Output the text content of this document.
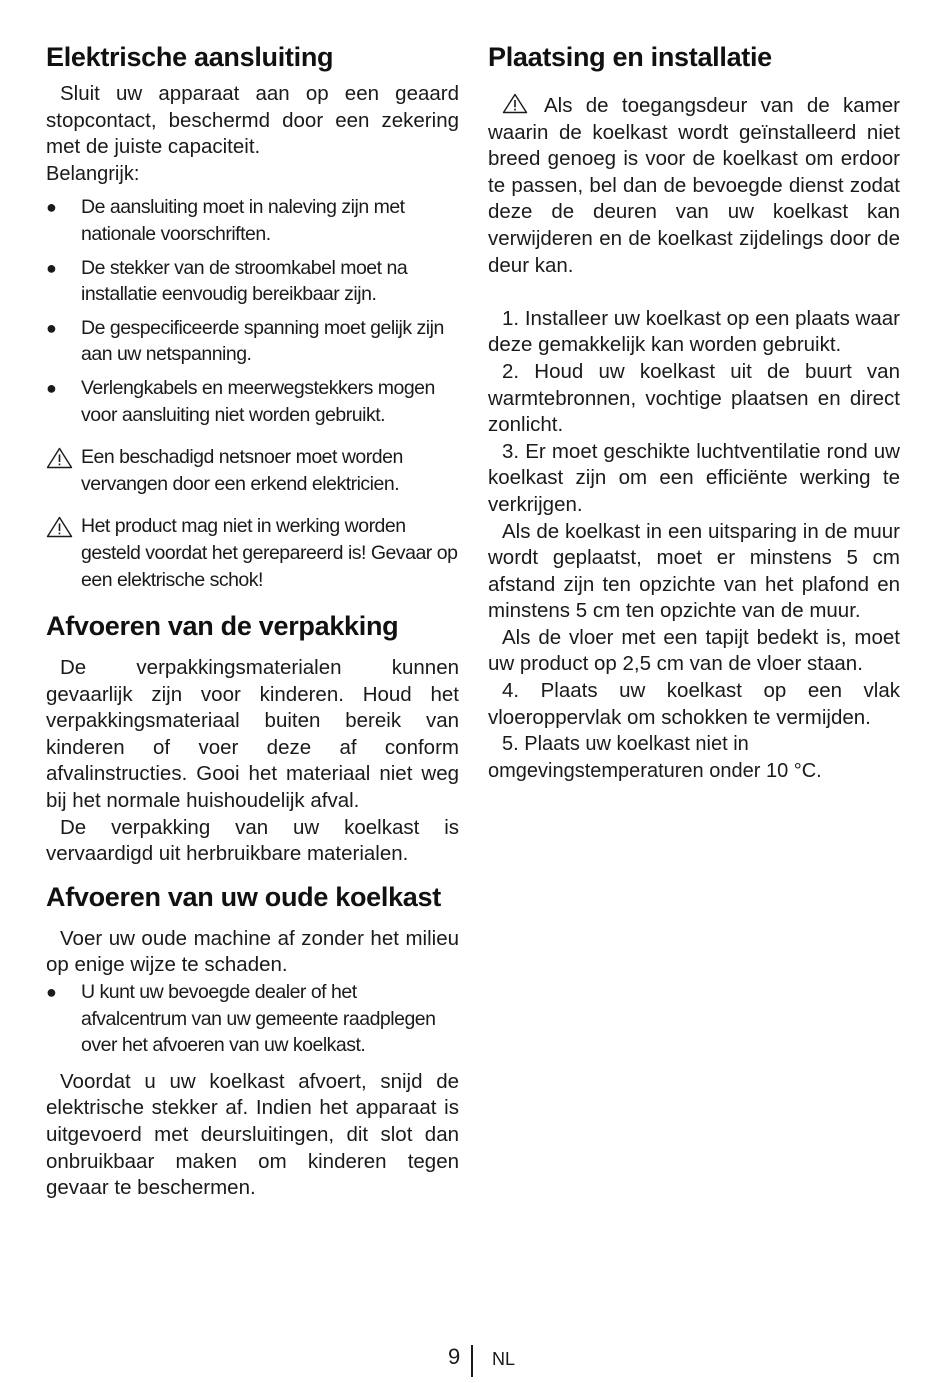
Elektrische aansluiting

Sluit uw apparaat aan op een geaard stopcontact, beschermd door een zekering met de juiste capaciteit.

Belangrijk:

● De aansluiting moet in naleving zijn met nationale voorschriften.
● De stekker van de stroomkabel moet na installatie eenvoudig bereikbaar zijn.
● De gespecificeerde spanning moet gelijk zijn aan uw netspanning.
● Verlengkabels en meerwegstekkers mogen voor aansluiting niet worden gebruikt.
Een beschadigd netsnoer moet worden vervangen door een erkend elektricien.
Het product mag niet in werking worden gesteld voordat het gerepareerd is! Gevaar op een elektrische schok!
Afvoeren van de verpakking

De verpakkingsmaterialen kunnen gevaarlijk zijn voor kinderen. Houd het verpakkingsmateriaal buiten bereik van kinderen of voer deze af conform afvalinstructies. Gooi het materiaal niet weg bij het normale huishoudelijk afval.

De verpakking van uw koelkast is vervaardigd uit herbruikbare materialen.

Afvoeren van uw oude koelkast

Voer uw oude machine af zonder het milieu op enige wijze te schaden.

● U kunt uw bevoegde dealer of het afvalcentrum van uw gemeente raadplegen over het afvoeren van uw koelkast.

Voordat u uw koelkast afvoert, snijd de elektrische stekker af. Indien het apparaat is uitgevoerd met deursluitingen, dit slot dan onbruikbaar maken om kinderen tegen gevaar te beschermen.

Plaatsing en installatie

Als de toegangsdeur van de kamer waarin de koelkast wordt geïnstalleerd niet breed genoeg is voor de koelkast om erdoor te passen, bel dan de bevoegde dienst zodat deze de deuren van uw koelkast kan verwijderen en de koelkast zijdelings door de deur kan.

1. Installeer uw koelkast op een plaats waar deze gemakkelijk kan worden gebruikt.

2. Houd uw koelkast uit de buurt van warmtebronnen, vochtige plaatsen en direct zonlicht.

3. Er moet geschikte luchtventilatie rond uw koelkast zijn om een efficiënte werking te verkrijgen.

Als de koelkast in een uitsparing in de muur wordt geplaatst, moet er minstens 5 cm afstand zijn ten opzichte van het plafond en minstens 5 cm ten opzichte van de muur.

Als de vloer met een tapijt bedekt is, moet uw product op 2,5 cm van de vloer staan.

4. Plaats uw koelkast op een vlak vloeroppervlak om schokken te vermijden.

5. Plaats uw koelkast niet in omgevingstemperaturen onder 10 °C.

9 NL
